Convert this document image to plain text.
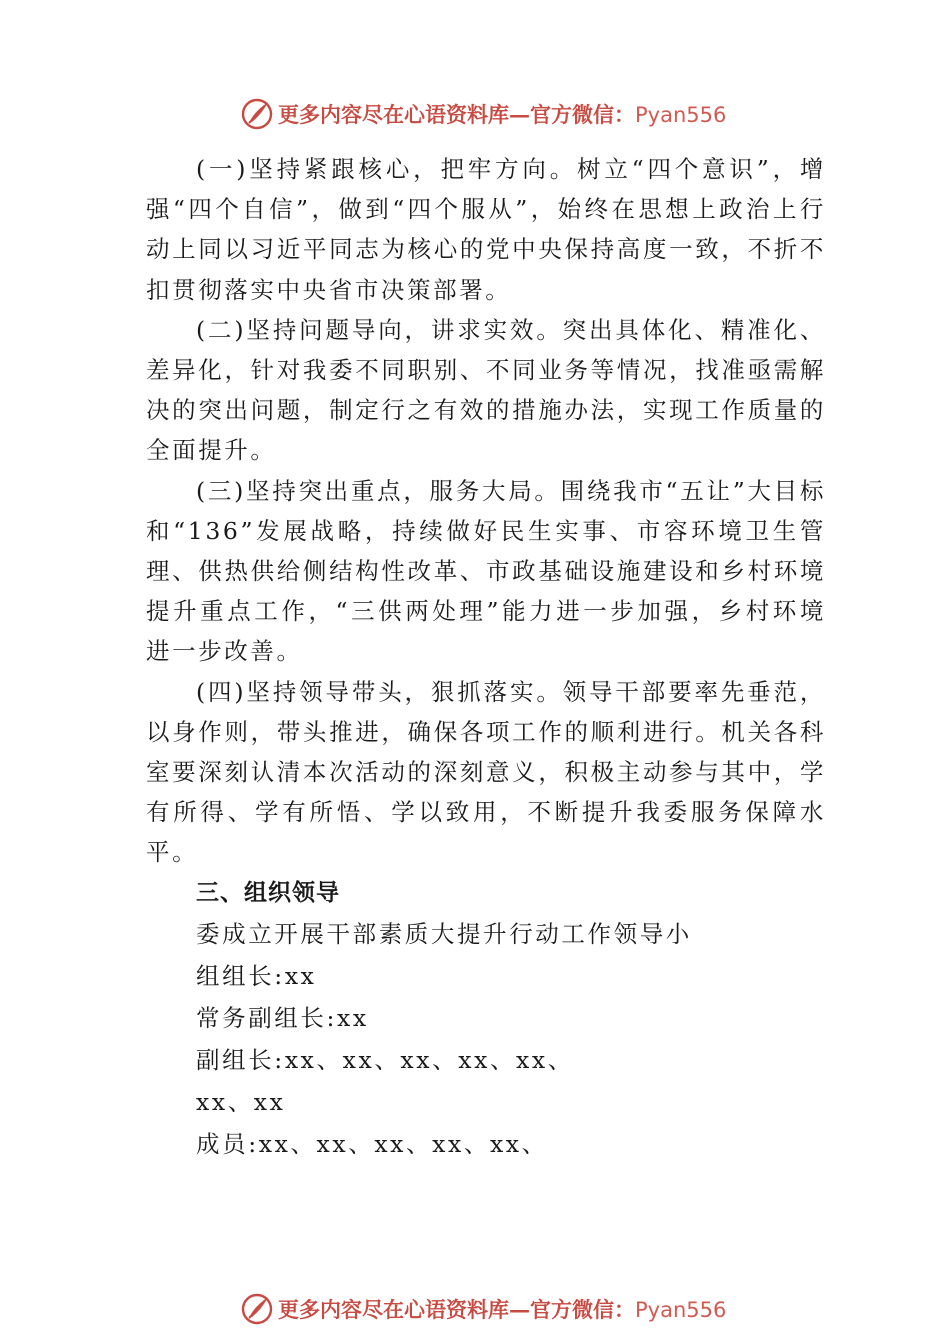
更多内容尽在心语资料库—官方微信：Pyan556

(一)坚持紧跟核心，把牢方向。树立“四个意识”，增强“四个自信”，做到“四个服从”，始终在思想上政治上行动上同以习近平同志为核心的党中央保持高度一致，不折不扣贯彻落实中央省市决策部署。

(二)坚持问题导向，讲求实效。突出具体化、精准化、差异化，针对我委不同职别、不同业务等情况，找准亟需解决的突出问题，制定行之有效的措施办法，实现工作质量的全面提升。

(三)坚持突出重点，服务大局。围绕我市“五让”大目标和“136”发展战略，持续做好民生实事、市容环境卫生管理、供热供给侧结构性改革、市政基础设施建设和乡村环境提升重点工作，“三供两处理”能力进一步加强，乡村环境进一步改善。

(四)坚持领导带头，狠抓落实。领导干部要率先垂范，以身作则，带头推进，确保各项工作的顺利进行。机关各科室要深刻认清本次活动的深刻意义，积极主动参与其中，学有所得、学有所悟、学以致用，不断提升我委服务保障水平。

三、组织领导

委成立开展干部素质大提升行动工作领导小

组组长:xx

常务副组长:xx

副组长:xx、xx、xx、xx、xx、

xx、xx

成员:xx、xx、xx、xx、xx、

更多内容尽在心语资料库—官方微信：Pyan556
